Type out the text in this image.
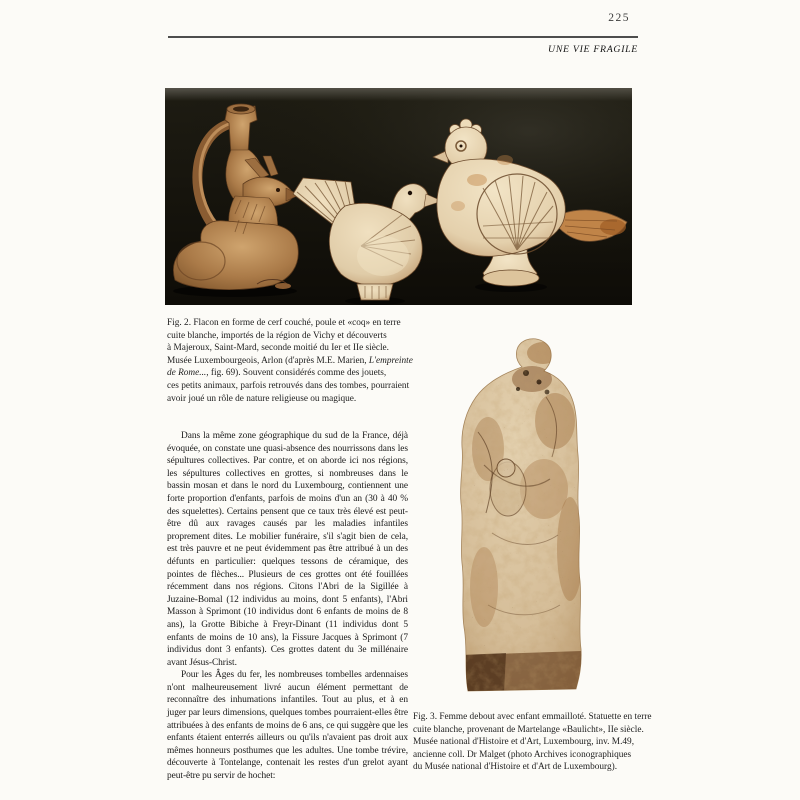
225
UNE VIE FRAGILE
Fig. 2. Flacon en forme de cerf couché, poule et «coq» en terre
cuite blanche, importés de la région de Vichy et découverts
à Majeroux, Saint-Mard, seconde moitié du Ier et IIe siècle.
Musée Luxembourgeois, Arlon (d'après M.E. Marien, L'empreinte
de Rome..., fig. 69). Souvent considérés comme des jouets,
ces petits animaux, parfois retrouvés dans des tombes, pourraient
avoir joué un rôle de nature religieuse ou magique.

Dans la même zone géographique du sud de la France, déjà évoquée, on constate une quasi-absence des nourrissons dans les sépultures collectives. Par contre, et on aborde ici nos régions, les sépultures collectives en grottes, si nombreuses dans le bassin mosan et dans le nord du Luxembourg, contiennent une forte proportion d'enfants, parfois de moins d'un an (30 à 40 % des squelettes). Certains pensent que ce taux très élevé est peut-être dû aux ravages causés par les maladies infantiles proprement dites. Le mobilier funéraire, s'il s'agit bien de cela, est très pauvre et ne peut évidemment pas être attribué à un des défunts en particulier: quelques tessons de céramique, des pointes de flèches... Plusieurs de ces grottes ont été fouillées récemment dans nos régions. Citons l'Abri de la Sigillée à Juzaine-Bomal (12 individus au moins, dont 5 enfants), l'Abri Masson à Sprimont (10 individus dont 6 enfants de moins de 8 ans), la Grotte Bibiche à Freyr-Dinant (11 individus dont 5 enfants de moins de 10 ans), la Fissure Jacques à Sprimont (7 individus dont 3 enfants). Ces grottes datent du 3e millénaire avant Jésus-Christ.

Pour les Âges du fer, les nombreuses tombelles ardennaises n'ont malheureusement livré aucun élément permettant de reconnaître des inhumations infantiles. Tout au plus, et à en juger par leurs dimensions, quelques tombes pourraient-elles être attribuées à des enfants de moins de 6 ans, ce qui suggère que les enfants étaient enterrés ailleurs ou qu'ils n'avaient pas droit aux mêmes honneurs posthumes que les adultes. Une tombe trévire, découverte à Tontelange, contenait les restes d'un grelot ayant peut-être pu servir de hochet:

Fig. 3. Femme debout avec enfant emmailloté. Statuette en terre
cuite blanche, provenant de Martelange «Baulicht», IIe siècle.
Musée national d'Histoire et d'Art, Luxembourg, inv. M.49,
ancienne coll. Dr Malget (photo Archives iconographiques
du Musée national d'Histoire et d'Art de Luxembourg).
